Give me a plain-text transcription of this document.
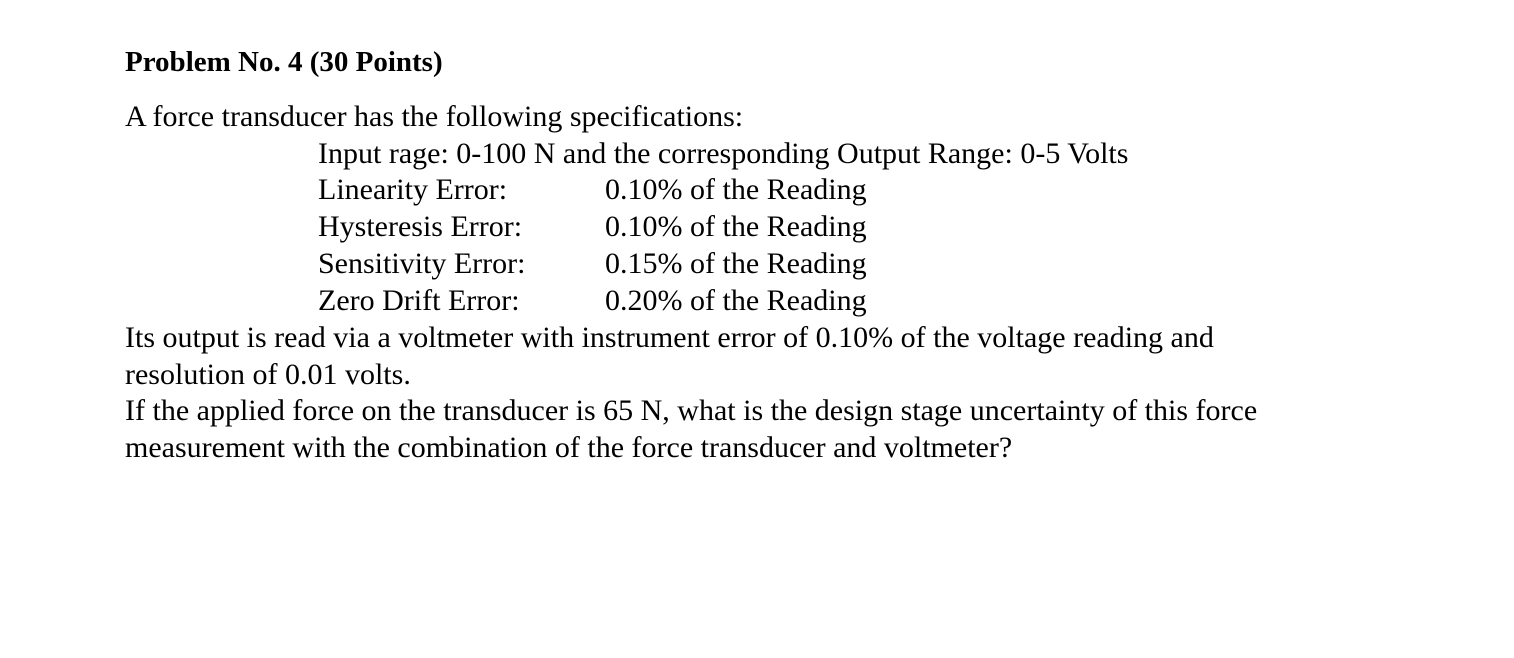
Problem No. 4 (30 Points)
A force transducer has the following specifications:
Input rage: 0-100 N and the corresponding Output Range: 0-5 Volts
Linearity Error:	0.10% of the Reading
Hysteresis Error:	0.10% of the Reading
Sensitivity Error:	0.15% of the Reading
Zero Drift Error:	0.20% of the Reading
Its output is read via a voltmeter with instrument error of 0.10% of the voltage reading and
resolution of 0.01 volts.
If the applied force on the transducer is 65 N, what is the design stage uncertainty of this force
measurement with the combination of the force transducer and voltmeter?
